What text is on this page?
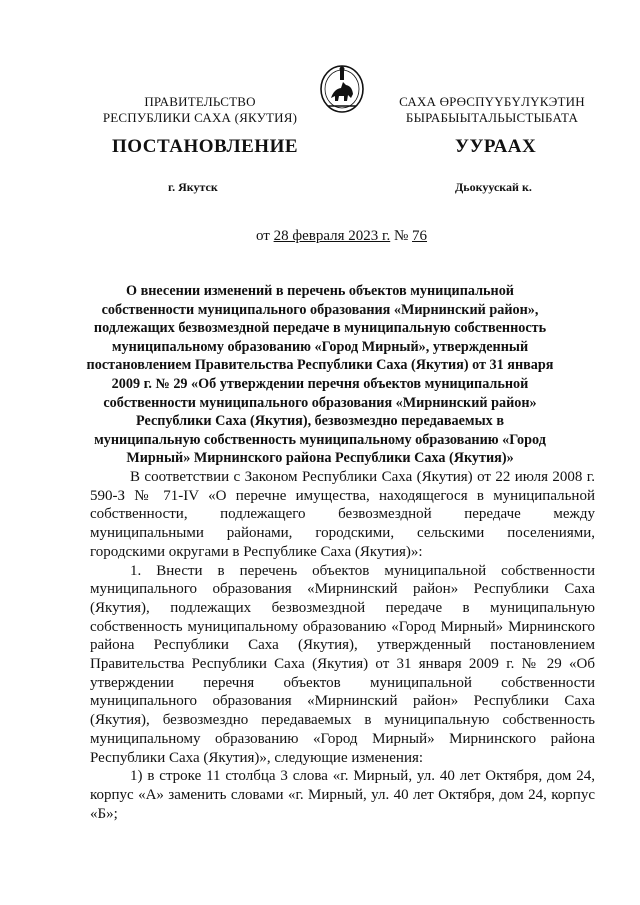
ПРАВИТЕЛЬСТВО
РЕСПУБЛИКИ САХА (ЯКУТИЯ)
ПОСТАНОВЛЕНИЕ
г. Якутск
САХА ӨРӨСПҮҮБҮЛҮКЭТИН
БЫРАБЫЫТАЛЬЫСТЫБАТА
УУРААХ
Дьокуускай к.
от 28 февраля 2023 г. № 76
О внесении изменений в перечень объектов муниципальной собственности муниципального образования «Мирнинский район», подлежащих безвозмездной передаче в муниципальную собственность муниципальному образованию «Город Мирный», утвержденный постановлением Правительства Республики Саха (Якутия) от 31 января 2009 г. № 29 «Об утверждении перечня объектов муниципальной собственности муниципального образования «Мирнинский район» Республики Саха (Якутия), безвозмездно передаваемых в муниципальную собственность муниципальному образованию «Город Мирный» Мирнинского района Республики Саха (Якутия)»

В соответствии с Законом Республики Саха (Якутия) от 22 июля 2008 г. 590-З № 71-IV «О перечне имущества, находящегося в муниципальной собственности, подлежащего безвозмездной передаче между муниципальными районами, городскими, сельскими поселениями, городскими округами в Республике Саха (Якутия)»:

1. Внести в перечень объектов муниципальной собственности муниципального образования «Мирнинский район» Республики Саха (Якутия), подлежащих безвозмездной передаче в муниципальную собственность муниципальному образованию «Город Мирный» Мирнинского района Республики Саха (Якутия), утвержденный постановлением Правительства Республики Саха (Якутия) от 31 января 2009 г. № 29 «Об утверждении перечня объектов муниципальной собственности муниципального образования «Мирнинский район» Республики Саха (Якутия), безвозмездно передаваемых в муниципальную собственность муниципальному образованию «Город Мирный» Мирнинского района Республики Саха (Якутия)», следующие изменения:

1) в строке 11 столбца 3 слова «г. Мирный, ул. 40 лет Октября, дом 24, корпус «А» заменить словами «г. Мирный, ул. 40 лет Октября, дом 24, корпус «Б»;
